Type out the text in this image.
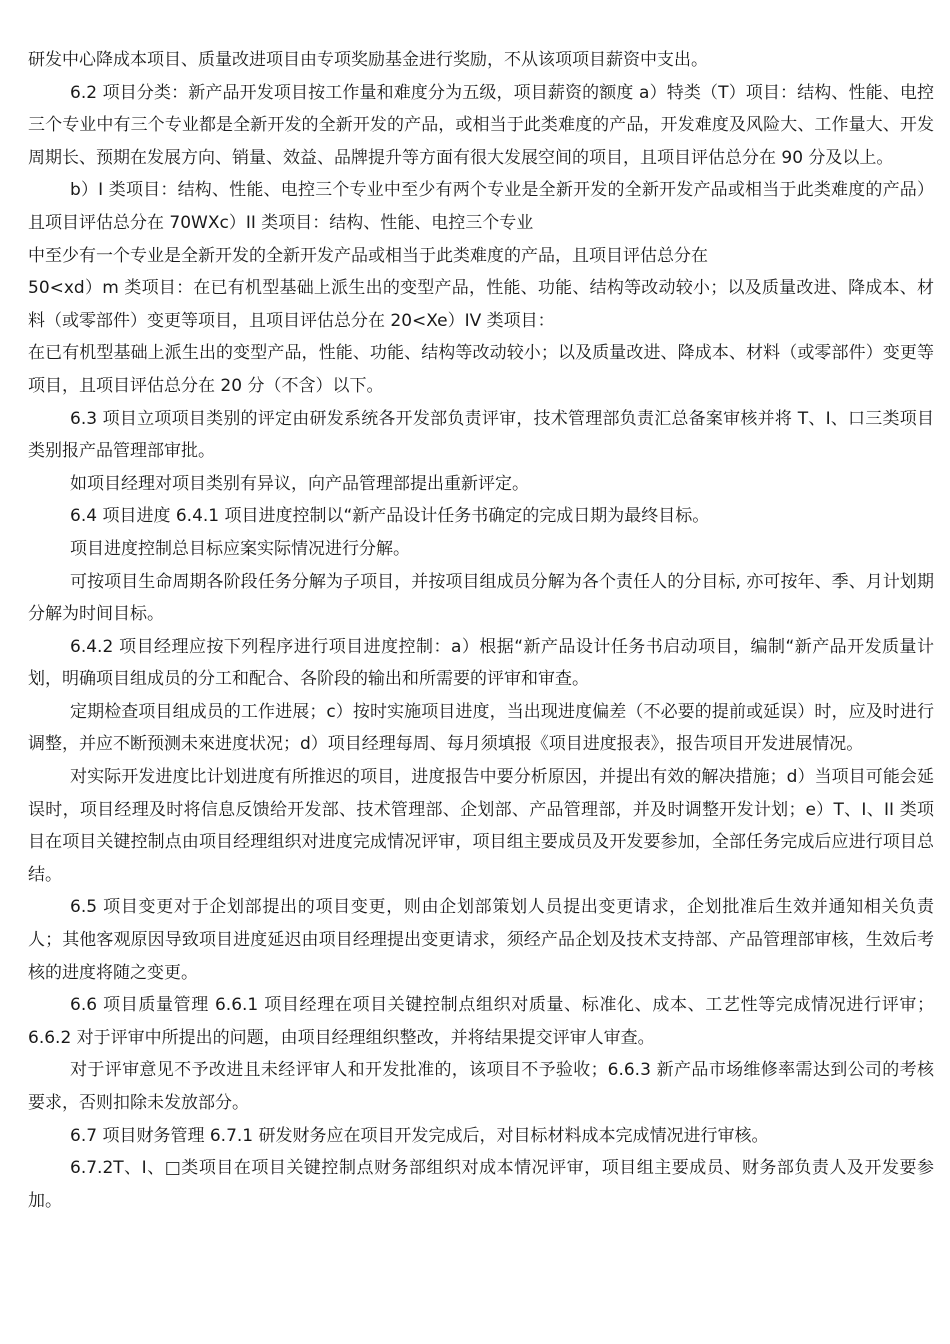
研发中心降成本项目、质量改进项目由专项奖励基金进行奖励，不从该项项目薪资中支出。

6.2 项目分类：新产品开发项目按工作量和难度分为五级，项目薪资的额度 a）特类（T）项目：结构、性能、电控三个专业中有三个专业都是全新开发的全新开发的产品，或相当于此类难度的产品，开发难度及风险大、工作量大、开发周期长、预期在发展方向、销量、效益、品牌提升等方面有很大发展空间的项目，且项目评估总分在 90 分及以上。

b）I 类项目：结构、性能、电控三个专业中至少有两个专业是全新开发的全新开发产品或相当于此类难度的产品）且项目评估总分在 70WXc）II 类项目：结构、性能、电控三个专业

中至少有一个专业是全新开发的全新开发产品或相当于此类难度的产品，且项目评估总分在

50<xd）m 类项目：在已有机型基础上派生出的变型产品，性能、功能、结构等改动较小；以及质量改进、降成本、材料（或零部件）变更等项目，且项目评估总分在 20<Xe）IV 类项目：

在已有机型基础上派生出的变型产品，性能、功能、结构等改动较小；以及质量改进、降成本、材料（或零部件）变更等项目，且项目评估总分在 20 分（不含）以下。

6.3 项目立项项目类别的评定由研发系统各开发部负责评审，技术管理部负责汇总备案审核并将 T、I、口三类项目类别报产品管理部审批。

如项目经理对项目类别有异议，向产品管理部提出重新评定。

6.4 项目进度 6.4.1 项目进度控制以“新产品设计任务书确定的完成日期为最终目标。

项目进度控制总目标应案实际情况进行分解。

可按项目生命周期各阶段任务分解为子项目，并按项目组成员分解为各个责任人的分目标, 亦可按年、季、月计划期分解为时间目标。

6.4.2 项目经理应按下列程序进行项目进度控制：a）根据“新产品设计任务书启动项目，编制“新产品开发质量计划，明确项目组成员的分工和配合、各阶段的输出和所需要的评审和审查。

定期检查项目组成员的工作进展；c）按时实施项目进度，当出现进度偏差（不必要的提前或延误）时，应及时进行调整，并应不断预测未來进度状况；d）项目经理每周、每月须填报《项目进度报表》，报告项目开发进展情况。

对实际开发进度比计划进度有所推迟的项目，进度报告中要分析原因，并提出有效的解决措施；d）当项目可能会延误时，项目经理及时将信息反馈给开发部、技术管理部、企划部、产品管理部，并及时调整开发计划；e）T、I、II 类项目在项目关键控制点由项目经理组织对进度完成情况评审，项目组主要成员及开发要参加，全部任务完成后应进行项目总结。

6.5 项目变更对于企划部提出的项目变更，则由企划部策划人员提出变更请求，企划批准后生效并通知相关负责人；其他客观原因导致项目进度延迟由项目经理提出变更请求，须经产品企划及技术支持部、产品管理部审核，生效后考核的进度将随之变更。

6.6 项目质量管理 6.6.1 项目经理在项目关键控制点组织对质量、标准化、成本、工艺性等完成情况进行评审；6.6.2 对于评审中所提出的问题，由项目经理组织整改，并将结果提交评审人审查。

对于评审意见不予改进且未经评审人和开发批准的，该项目不予验收；6.6.3 新产品市场维修率需达到公司的考核要求，否则扣除未发放部分。

6.7 项目财务管理 6.7.1 研发财务应在项目开发完成后，对目标材料成本完成情况进行审核。

6.7.2T、I、□类项目在项目关键控制点财务部组织对成本情况评审，项目组主要成员、财务部负责人及开发要参加。
